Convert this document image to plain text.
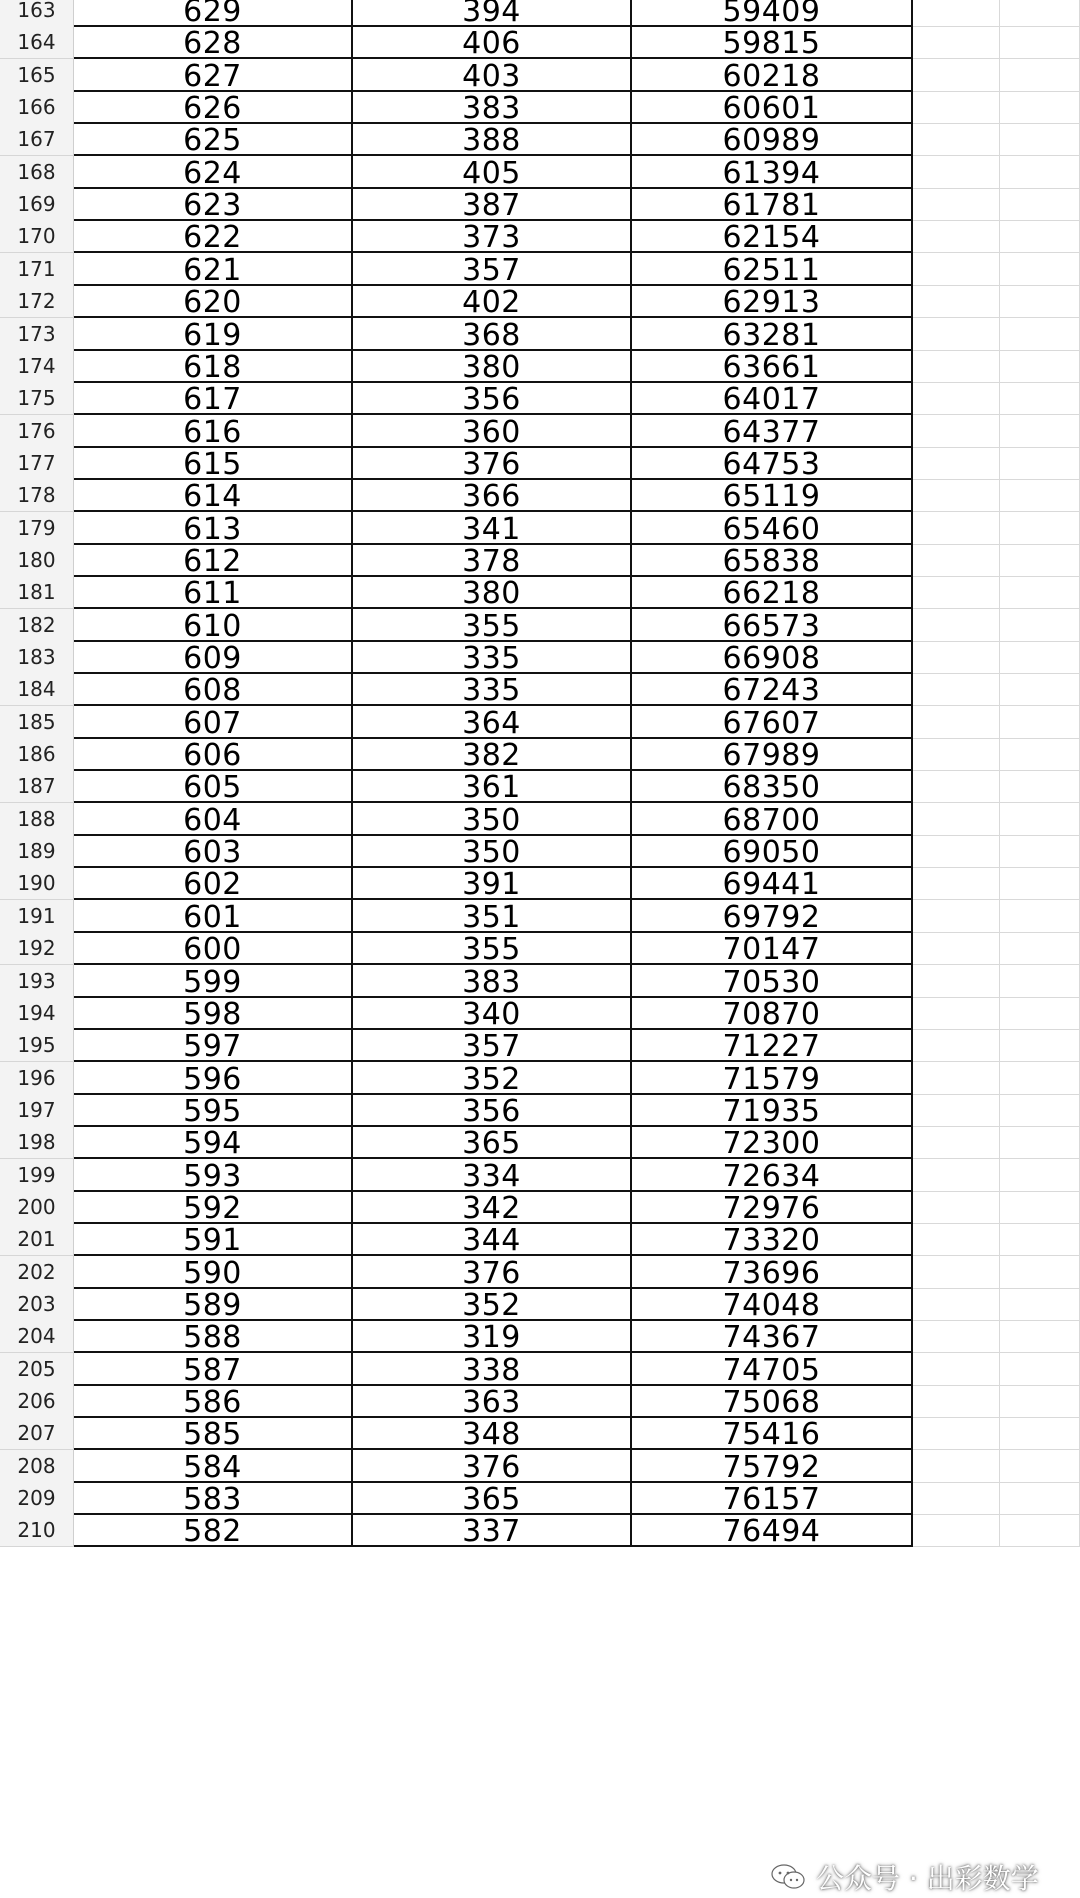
163	629	394	59409
164	628	406	59815
165	627	403	60218
166	626	383	60601
167	625	388	60989
168	624	405	61394
169	623	387	61781
170	622	373	62154
171	621	357	62511
172	620	402	62913
173	619	368	63281
174	618	380	63661
175	617	356	64017
176	616	360	64377
177	615	376	64753
178	614	366	65119
179	613	341	65460
180	612	378	65838
181	611	380	66218
182	610	355	66573
183	609	335	66908
184	608	335	67243
185	607	364	67607
186	606	382	67989
187	605	361	68350
188	604	350	68700
189	603	350	69050
190	602	391	69441
191	601	351	69792
192	600	355	70147
193	599	383	70530
194	598	340	70870
195	597	357	71227
196	596	352	71579
197	595	356	71935
198	594	365	72300
199	593	334	72634
200	592	342	72976
201	591	344	73320
202	590	376	73696
203	589	352	74048
204	588	319	74367
205	587	338	74705
206	586	363	75068
207	585	348	75416
208	584	376	75792
209	583	365	76157
210	582	337	76494
公众号 · 出彩数学
